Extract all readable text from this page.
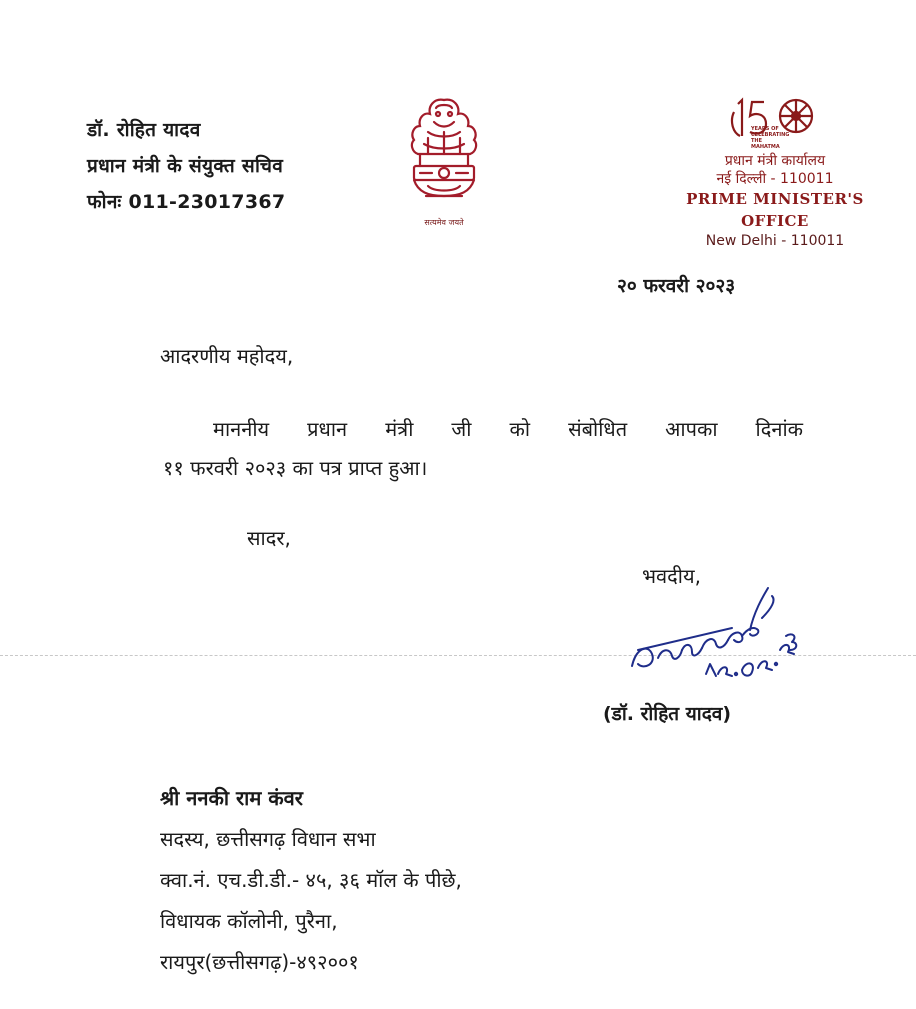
डॉ. रोहित यादव
प्रधान मंत्री के संयुक्त सचिव
फोनः 011-23017367
सत्यमेव जयते
YEARS OF CELEBRATING THE MAHATMA
प्रधान मंत्री कार्यालय
नई दिल्ली - 110011
PRIME MINISTER'S OFFICE
New Delhi - 110011
२० फरवरी २०२३
आदरणीय महोदय,
माननीय प्रधान मंत्री जी को संबोधित आपका दिनांक
११ फरवरी २०२३ का पत्र प्राप्त हुआ।
सादर,
भवदीय,
(डॉ. रोहित यादव)
श्री ननकी राम कंवर
सदस्य, छत्तीसगढ़ विधान सभा
क्वा.नं. एच.डी.डी.- ४५, ३६ मॉल के पीछे,
विधायक कॉलोनी, पुरैना,
रायपुर(छत्तीसगढ़)-४९२००१
